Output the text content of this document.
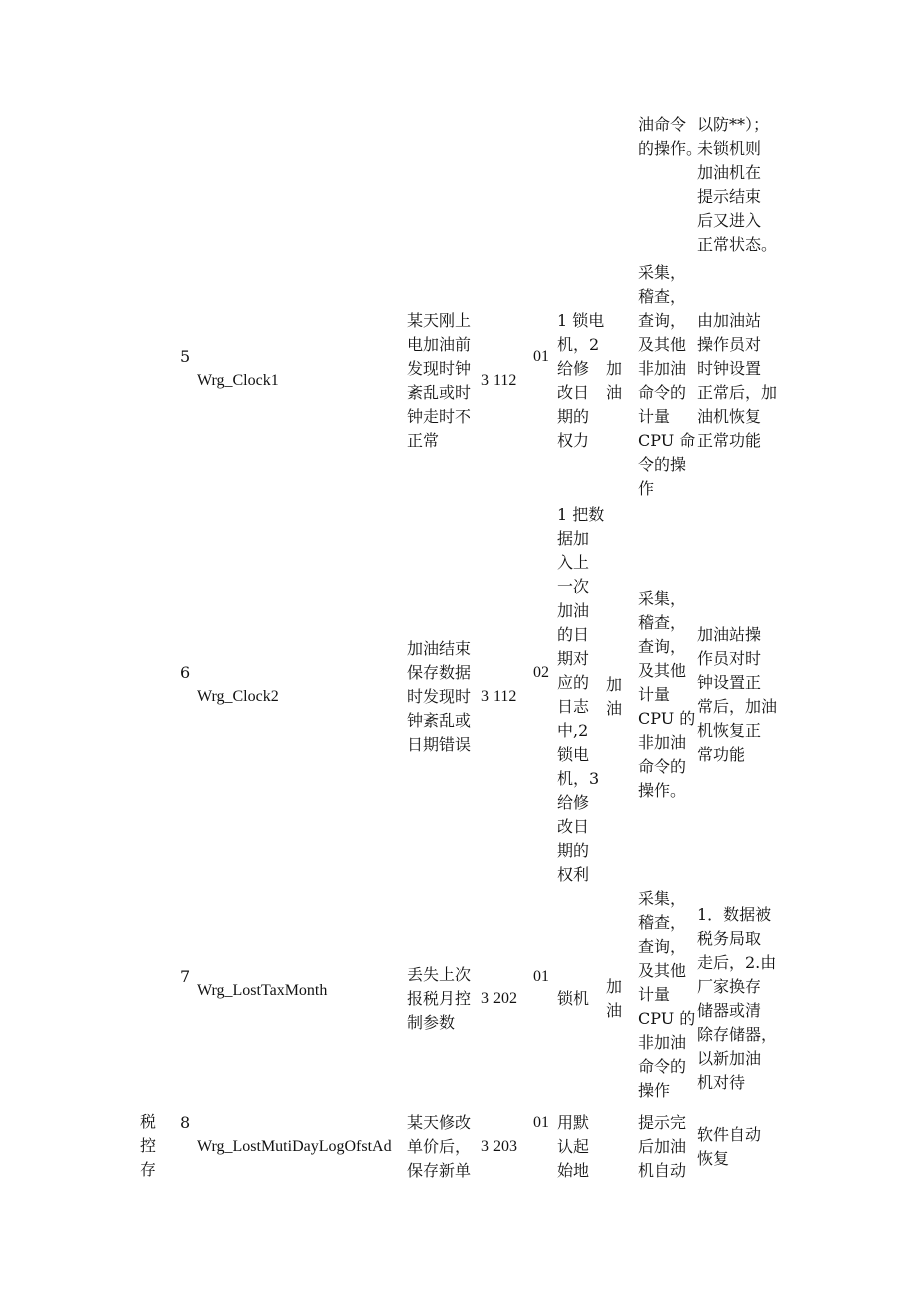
油命令
的操作。

以防**）；
未锁机则
加油机在
提示结束
后又进入
正常状态。

5

Wrg_Clock1

某天刚上
电加油前
发现时钟
紊乱或时
钟走时不
正常

3 112

01

1 锁电
机，2
给修
改日
期的
权力

加
油

采集，
稽查，
查询，
及其他
非加油
命令的
计量
CPU 命
令的操
作

由加油站
操作员对
时钟设置
正常后，加
油机恢复
正常功能

6

Wrg_Clock2

加油结束
保存数据
时发现时
钟紊乱或
日期错误

3 112

02

1 把数
据加
入上
一次
加油
的日
期对
应的
日志
中,2
锁电
机，3
给修
改日
期的
权利

加
油

采集，
稽查，
查询，
及其他
计量
CPU 的
非加油
命令的
操作。

加油站操
作员对时
钟设置正
常后，加油
机恢复正
常功能

7

Wrg_LostTaxMonth

丢失上次
报税月控
制参数

3 202

01

锁机

加
油

采集，
稽查，
查询，
及其他
计量
CPU 的
非加油
命令的
操作

1．数据被
税务局取
走后，2.由
厂家换存
储器或清
除存储器，
以新加油
机对待

税
控
存

8

Wrg_LostMutiDayLogOfstAd

某天修改
单价后，
保存新单

3 203

01 用默
认起
始地

提示完
后加油
机自动

软件自动
恢复
